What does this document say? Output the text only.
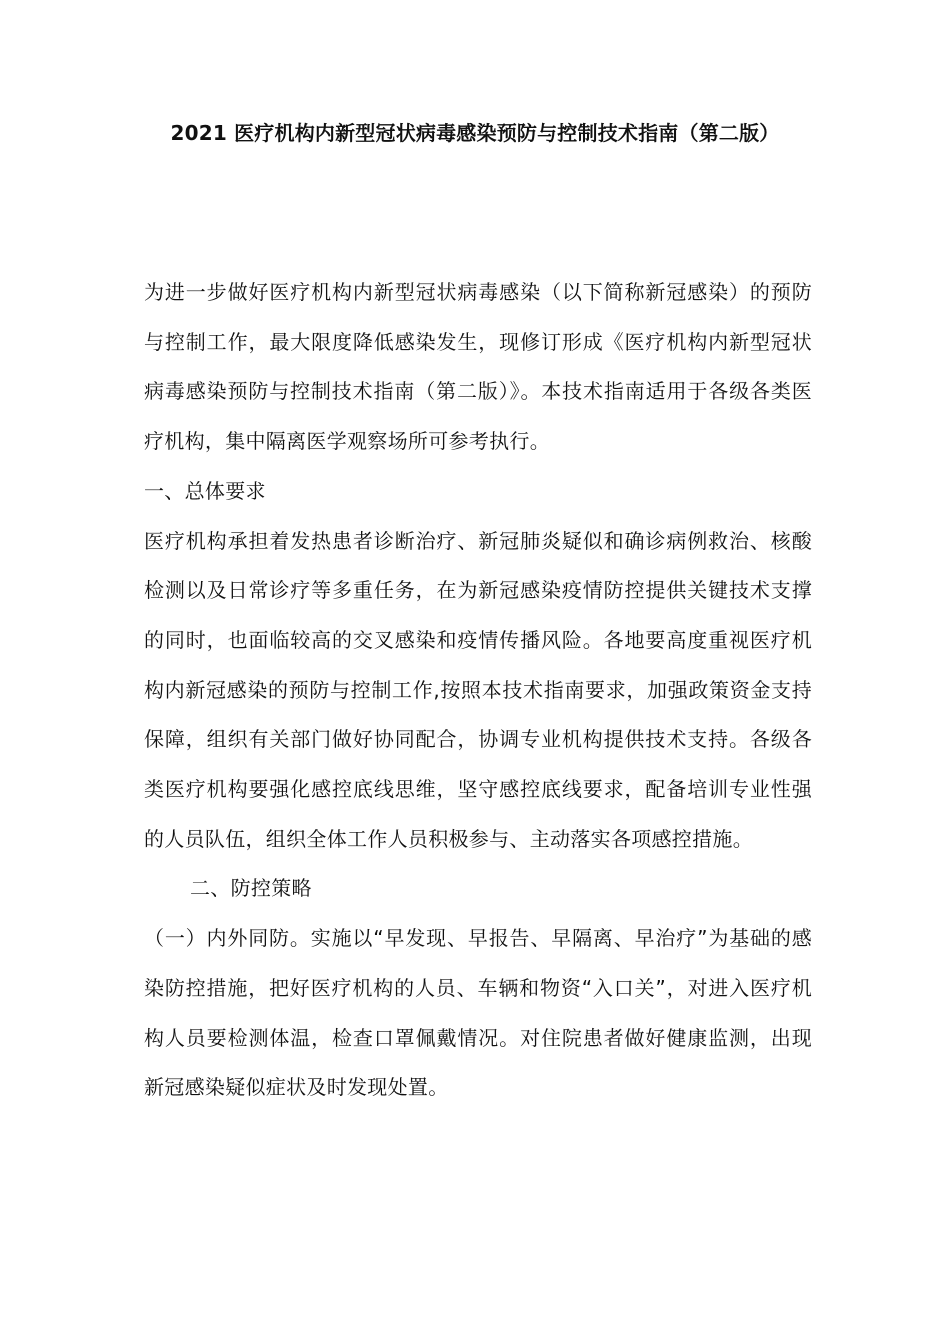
2021 医疗机构内新型冠状病毒感染预防与控制技术指南（第二版）

为进一步做好医疗机构内新型冠状病毒感染（以下简称新冠感染）的预防与控制工作，最大限度降低感染发生，现修订形成《医疗机构内新型冠状病毒感染预防与控制技术指南（第二版）》。本技术指南适用于各级各类医疗机构，集中隔离医学观察场所可参考执行。

一、总体要求

医疗机构承担着发热患者诊断治疗、新冠肺炎疑似和确诊病例救治、核酸检测以及日常诊疗等多重任务，在为新冠感染疫情防控提供关键技术支撑的同时，也面临较高的交叉感染和疫情传播风险。各地要高度重视医疗机构内新冠感染的预防与控制工作,按照本技术指南要求，加强政策资金支持保障，组织有关部门做好协同配合，协调专业机构提供技术支持。各级各类医疗机构要强化感控底线思维，坚守感控底线要求，配备培训专业性强的人员队伍，组织全体工作人员积极参与、主动落实各项感控措施。

二、防控策略

（一）内外同防。实施以“早发现、早报告、早隔离、早治疗”为基础的感染防控措施，把好医疗机构的人员、车辆和物资“入口关”，对进入医疗机构人员要检测体温，检查口罩佩戴情况。对住院患者做好健康监测，出现新冠感染疑似症状及时发现处置。
